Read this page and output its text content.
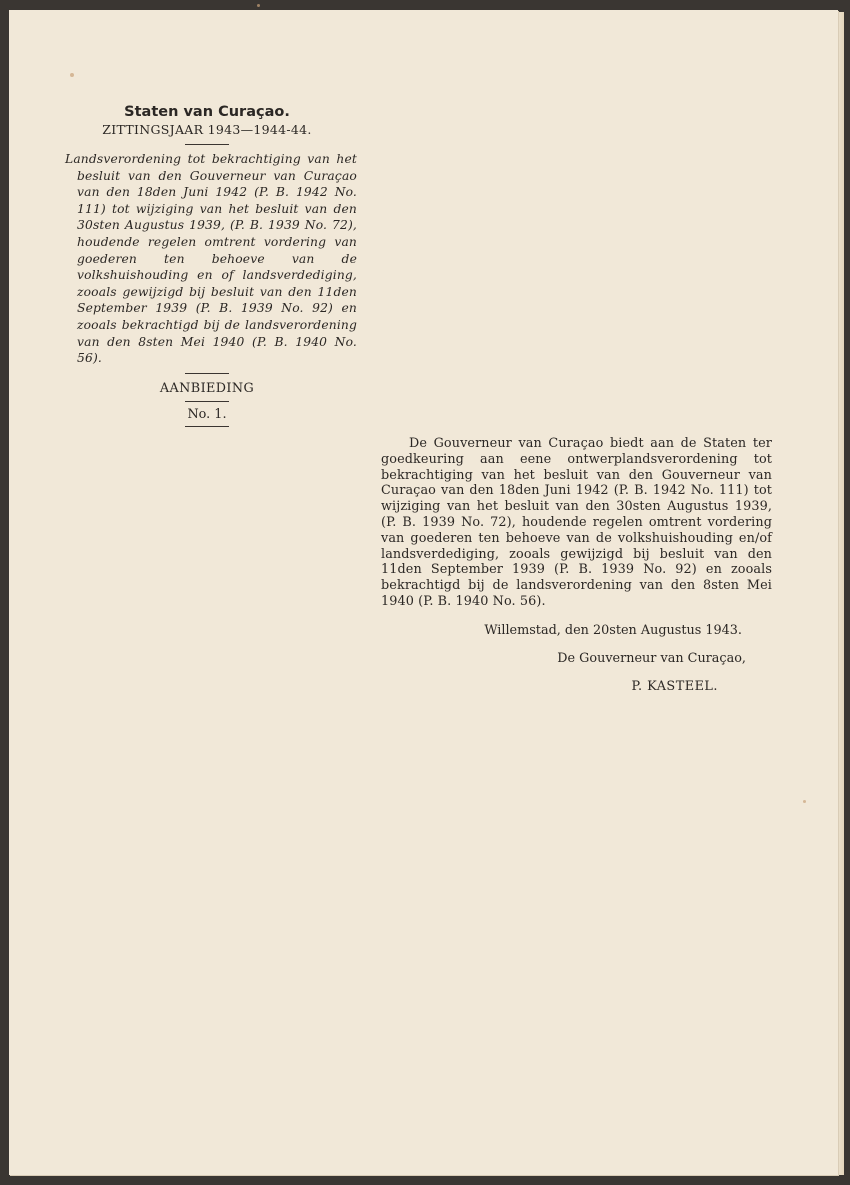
Staten van Curaçao.
ZITTINGSJAAR 1943—1944-44.

Landsverordening tot bekrachtiging van het besluit van den Gouverneur van Curaçao van den 18den Juni 1942 (P. B. 1942 No. 111) tot wijziging van het besluit van den 30sten Augustus 1939, (P. B. 1939 No. 72), houdende regelen omtrent vordering van goederen ten behoeve van de volkshuishouding en of landsverdediging, zooals gewijzigd bij besluit van den 11den September 1939 (P. B. 1939 No. 92) en zooals bekrachtigd bij de landsverordening van den 8sten Mei 1940 (P. B. 1940 No. 56).

AANBIEDING
No. 1.

De Gouverneur van Curaçao biedt aan de Staten ter goedkeuring aan eene ontwerplandsverordening tot bekrachtiging van het besluit van den Gouverneur van Curaçao van den 18den Juni 1942 (P. B. 1942 No. 111) tot wijziging van het besluit van den 30sten Augustus 1939, (P. B. 1939 No. 72), houdende regelen omtrent vordering van goederen ten behoeve van de volkshuishouding en/of landsverdediging, zooals gewijzigd bij besluit van den 11den September 1939 (P. B. 1939 No. 92) en zooals bekrachtigd bij de landsverordening van den 8sten Mei 1940 (P. B. 1940 No. 56).

Willemstad, den 20sten Augustus 1943.
De Gouverneur van Curaçao,
P. KASTEEL.
